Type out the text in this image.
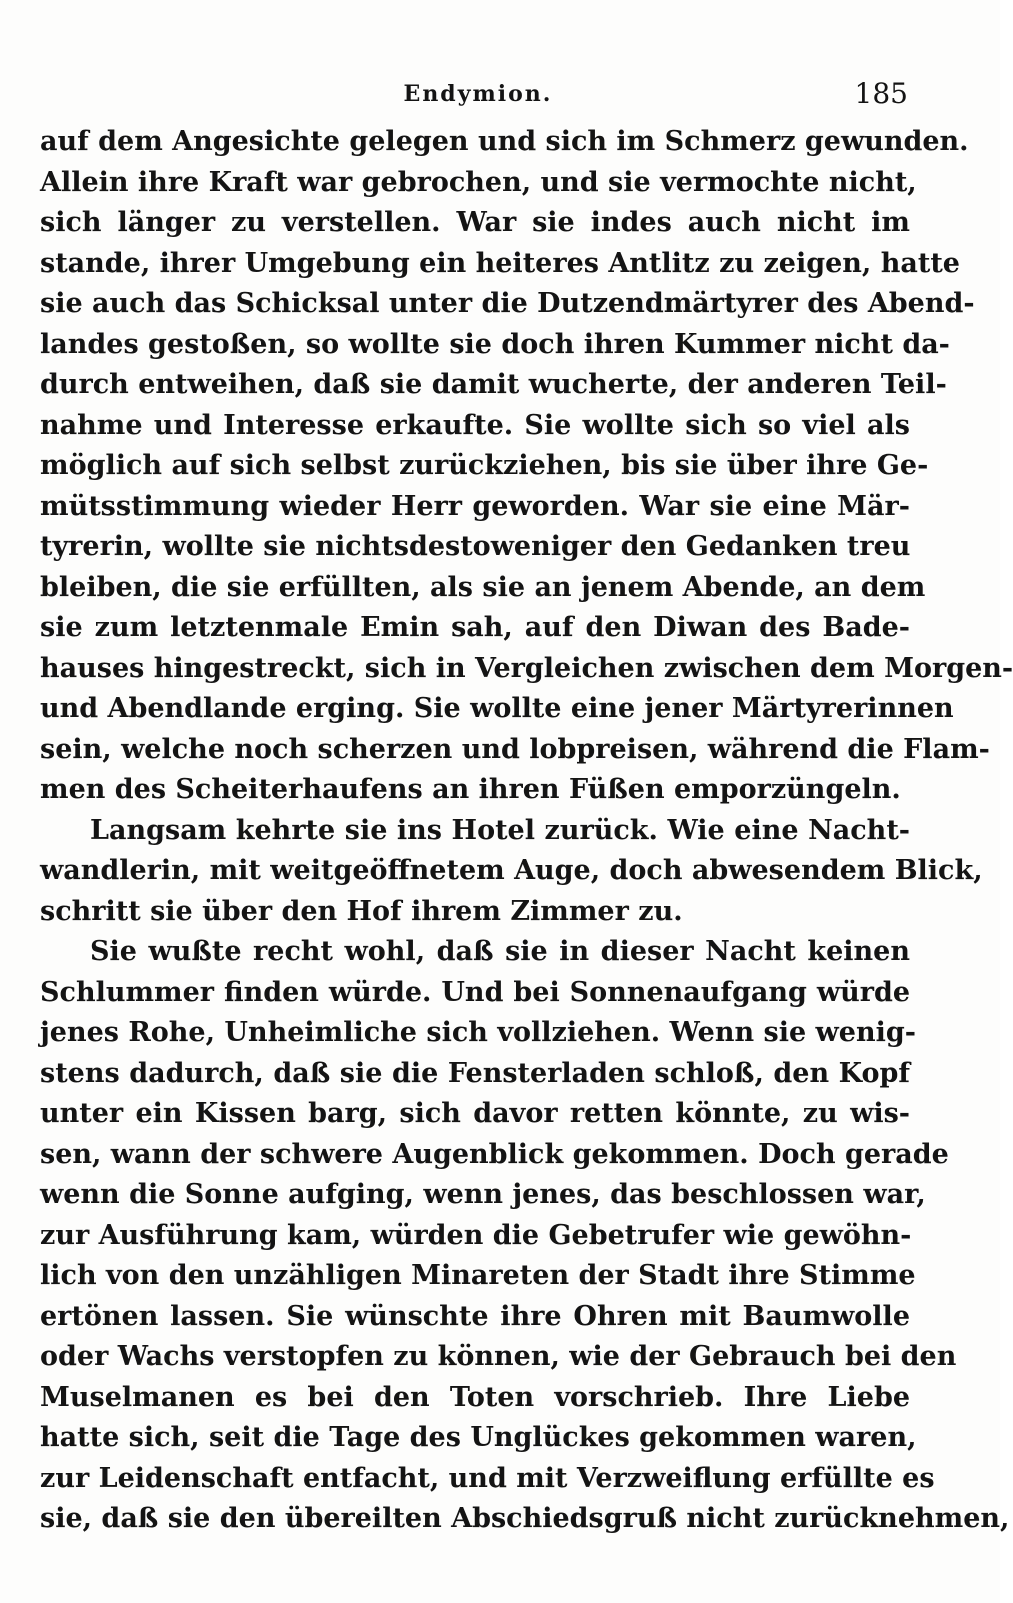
Endymion.	185
auf dem Angesichte gelegen und sich im Schmerz gewunden.
Allein ihre Kraft war gebrochen, und sie vermochte nicht,
sich länger zu verstellen. War sie indes auch nicht im
stande, ihrer Umgebung ein heiteres Antlitz zu zeigen, hatte
sie auch das Schicksal unter die Dutzendmärtyrer des Abend-
landes gestoßen, so wollte sie doch ihren Kummer nicht da-
durch entweihen, daß sie damit wucherte, der anderen Teil-
nahme und Interesse erkaufte. Sie wollte sich so viel als
möglich auf sich selbst zurückziehen, bis sie über ihre Ge-
mütsstimmung wieder Herr geworden. War sie eine Mär-
tyrerin, wollte sie nichtsdestoweniger den Gedanken treu
bleiben, die sie erfüllten, als sie an jenem Abende, an dem
sie zum letztenmale Emin sah, auf den Diwan des Bade-
hauses hingestreckt, sich in Vergleichen zwischen dem Morgen-
und Abendlande erging. Sie wollte eine jener Märtyrerinnen
sein, welche noch scherzen und lobpreisen, während die Flam-
men des Scheiterhaufens an ihren Füßen emporzüngeln.
Langsam kehrte sie ins Hotel zurück. Wie eine Nacht-
wandlerin, mit weitgeöffnetem Auge, doch abwesendem Blick,
schritt sie über den Hof ihrem Zimmer zu.
Sie wußte recht wohl, daß sie in dieser Nacht keinen
Schlummer finden würde. Und bei Sonnenaufgang würde
jenes Rohe, Unheimliche sich vollziehen. Wenn sie wenig-
stens dadurch, daß sie die Fensterladen schloß, den Kopf
unter ein Kissen barg, sich davor retten könnte, zu wis-
sen, wann der schwere Augenblick gekommen. Doch gerade
wenn die Sonne aufging, wenn jenes, das beschlossen war,
zur Ausführung kam, würden die Gebetrufer wie gewöhn-
lich von den unzähligen Minareten der Stadt ihre Stimme
ertönen lassen. Sie wünschte ihre Ohren mit Baumwolle
oder Wachs verstopfen zu können, wie der Gebrauch bei den
Muselmanen es bei den Toten vorschrieb. Ihre Liebe
hatte sich, seit die Tage des Unglückes gekommen waren,
zur Leidenschaft entfacht, und mit Verzweiflung erfüllte es
sie, daß sie den übereilten Abschiedsgruß nicht zurücknehmen,
